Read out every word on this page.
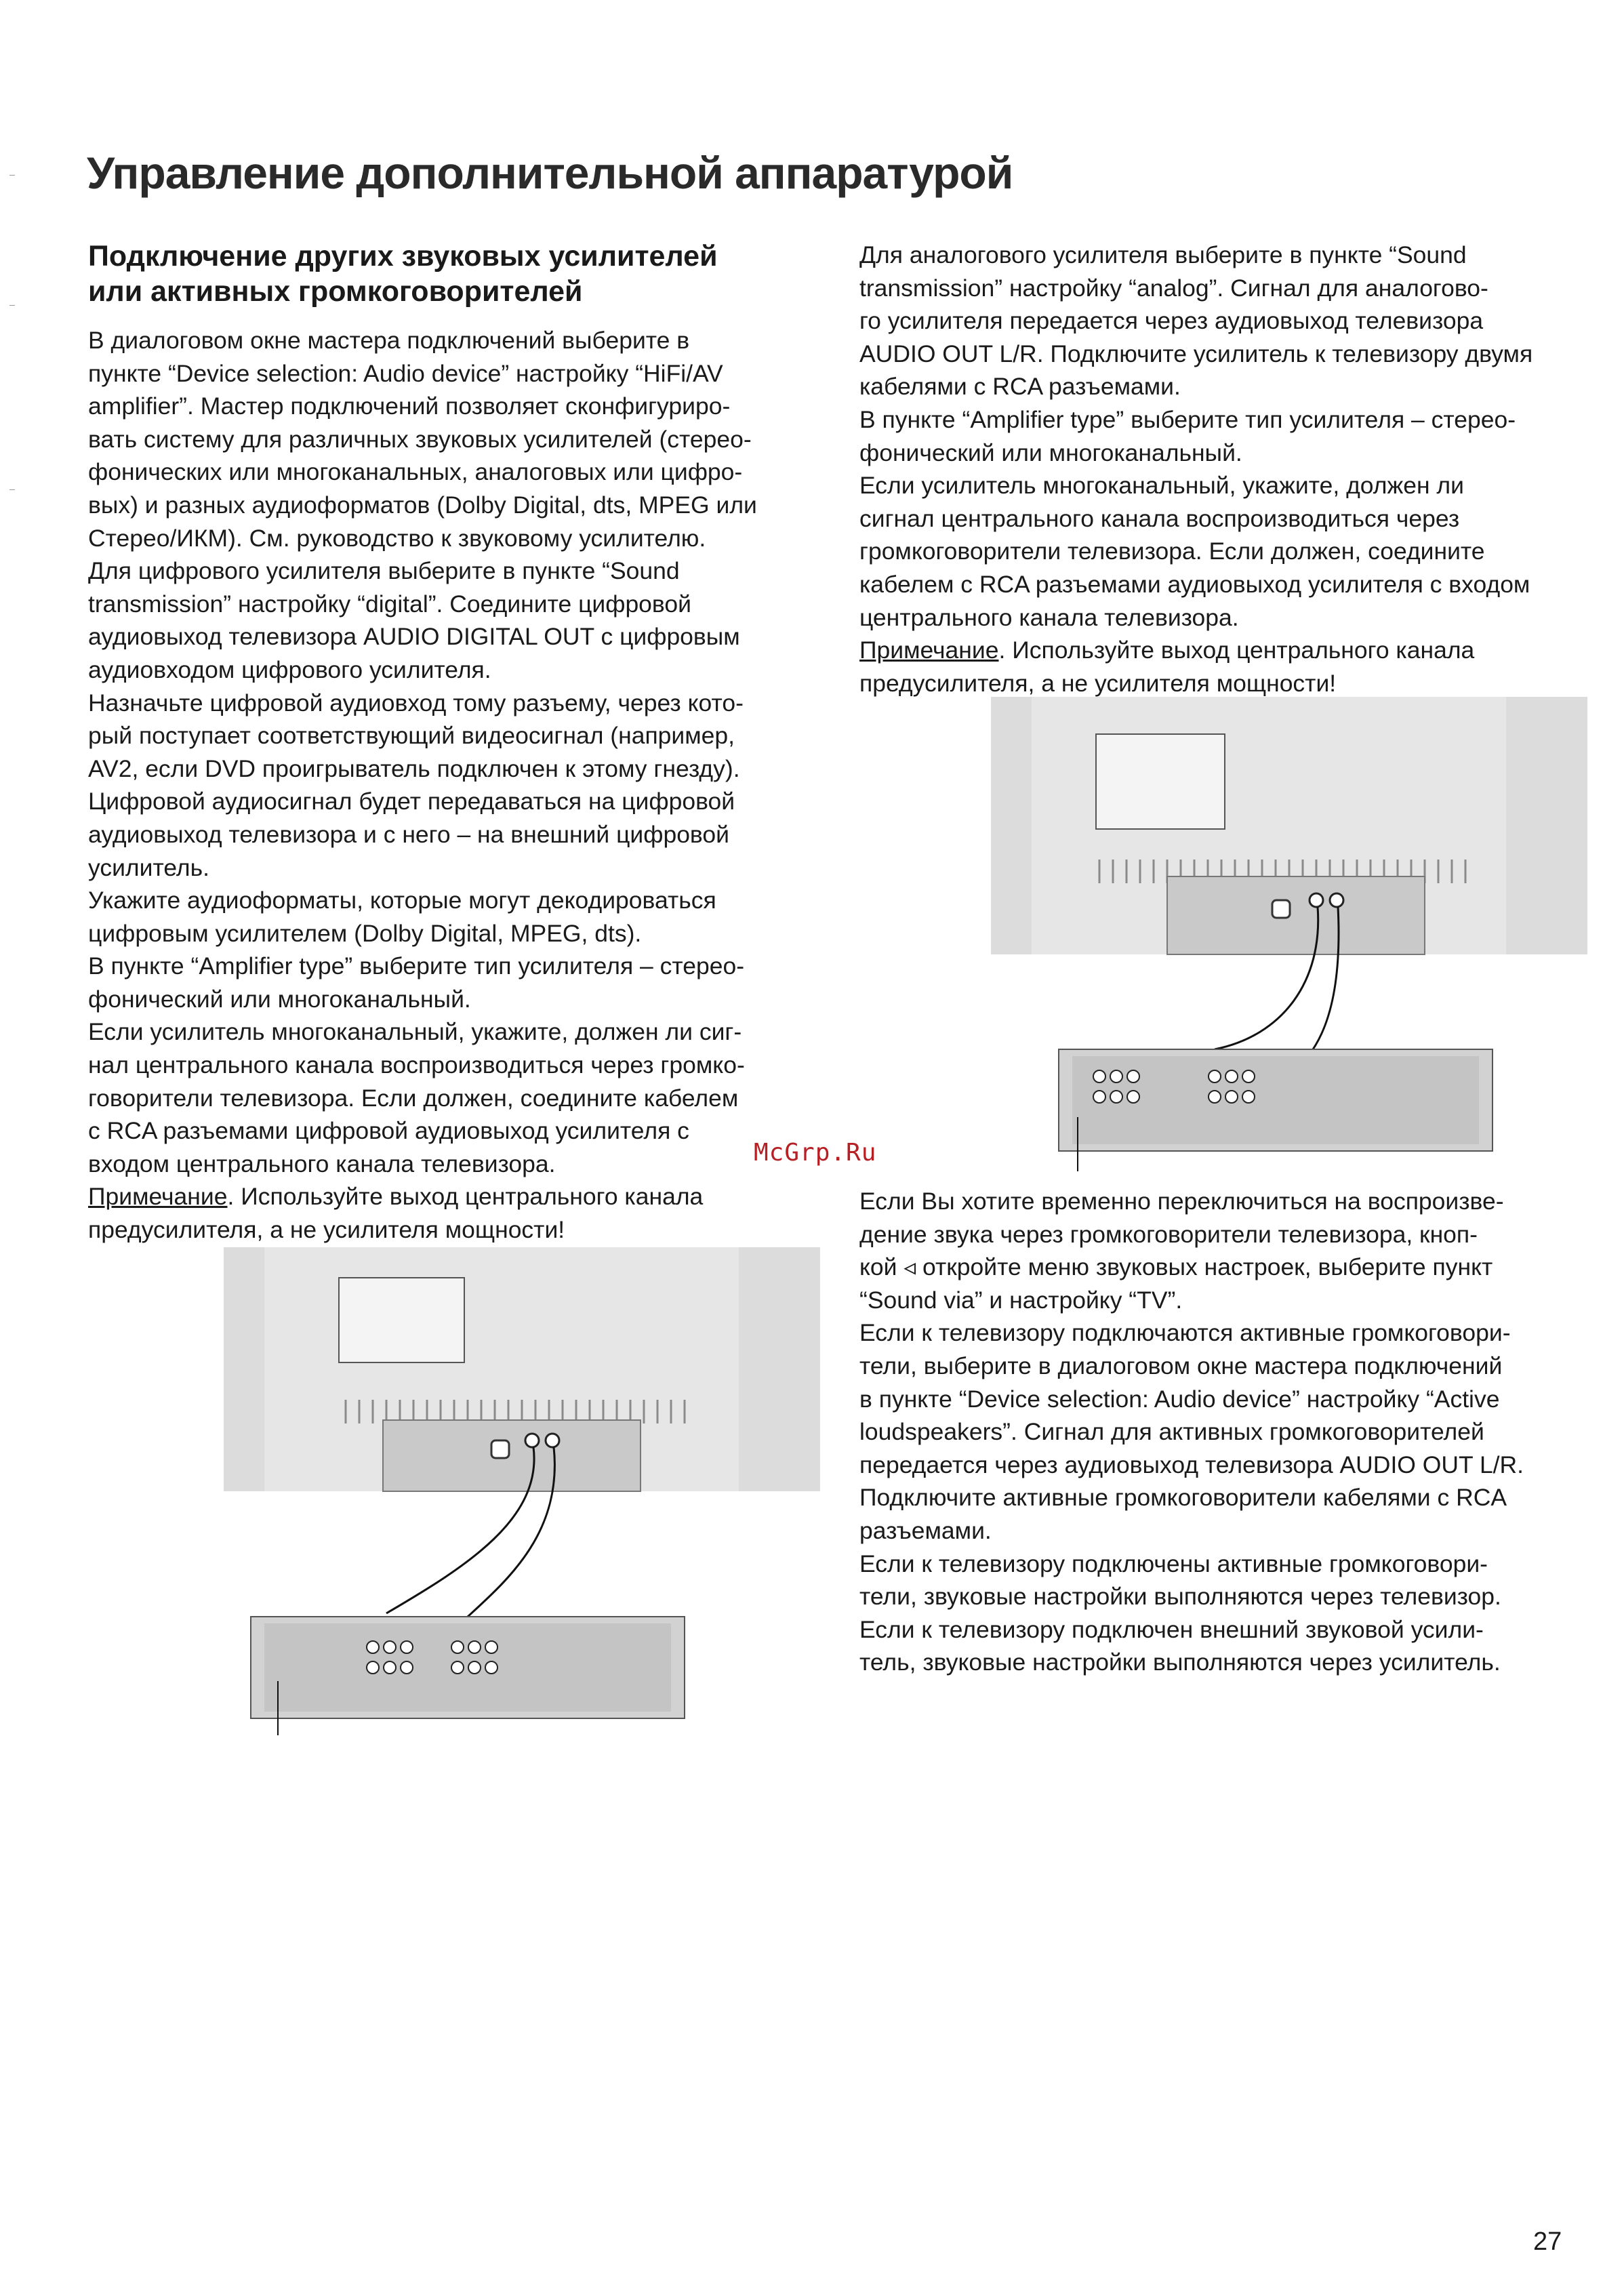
Управление дополнительной аппаратурой
Подключение других звуковых усилителей
или активных громкоговорителей

В диалоговом окне мастера подключений выберите в

пункте “Device selection: Audio device” настройку “HiFi/AV

amplifier”. Мастер подключений позволяет сконфигуриро-

вать систему для различных звуковых усилителей (стерео-

фонических или многоканальных, аналоговых или цифро-

вых) и разных аудиоформатов (Dolby Digital, dts, MPEG или

Стерео/ИКМ). См. руководство к звуковому усилителю.

Для цифрового усилителя выберите в пункте “Sound

transmission” настройку “digital”. Соедините цифровой

аудиовыход телевизора AUDIO DIGITAL OUT с цифровым

аудиовходом цифрового усилителя.

Назначьте цифровой аудиовход тому разъему, через кото-

рый поступает соответствующий видеосигнал (например,

AV2, если DVD проигрыватель подключен к этому гнезду).

Цифровой аудиосигнал будет передаваться на цифровой

аудиовыход телевизора и с него – на внешний цифровой

усилитель.

Укажите аудиоформаты, которые могут декодироваться

цифровым усилителем (Dolby Digital, MPEG, dts).

В пункте “Amplifier type” выберите тип усилителя – стерео-

фонический или многоканальный.

Если усилитель многоканальный, укажите, должен ли сиг-

нал центрального канала воспроизводиться через громко-

говорители телевизора. Если должен, соедините кабелем

с RCA разъемами цифровой аудиовыход усилителя с

входом центрального канала телевизора.

Примечание. Используйте выход центрального канала

предусилителя, а не усилителя мощности!

Для аналогового усилителя выберите в пункте “Sound

transmission” настройку “analog”. Сигнал для аналогово-

го усилителя передается через аудиовыход телевизора

AUDIO OUT L/R. Подключите усилитель к телевизору двумя

кабелями с RCA разъемами.

В пункте “Amplifier type” выберите тип усилителя – стерео-

фонический или многоканальный.

Если усилитель многоканальный, укажите, должен ли

сигнал центрального канала воспроизводиться через

громкоговорители телевизора. Если должен, соедините

кабелем с RCA разъемами аудиовыход усилителя с входом

центрального канала телевизора.

Примечание. Используйте выход центрального канала

предусилителя, а не усилителя мощности!

Если Вы хотите временно переключиться на воспроизве-

дение звука через громкоговорители телевизора, кноп-

кой ◃ откройте меню звуковых настроек, выберите пункт

“Sound via” и настройку “TV”.

Если к телевизору подключаются активные громкоговори-

тели, выберите в диалоговом окне мастера подключений

в пункте “Device selection: Audio device” настройку “Active

loudspeakers”. Сигнал для активных громкоговорителей

передается через аудиовыход телевизора AUDIO OUT L/R.

Подключите активные громкоговорители кабелями с RCA

разъемами.

Если к телевизору подключены активные громкоговори-

тели, звуковые настройки выполняются через телевизор.

Если к телевизору подключен внешний звуковой усили-

тель, звуковые настройки выполняются через усилитель.

McGrp.Ru
27
